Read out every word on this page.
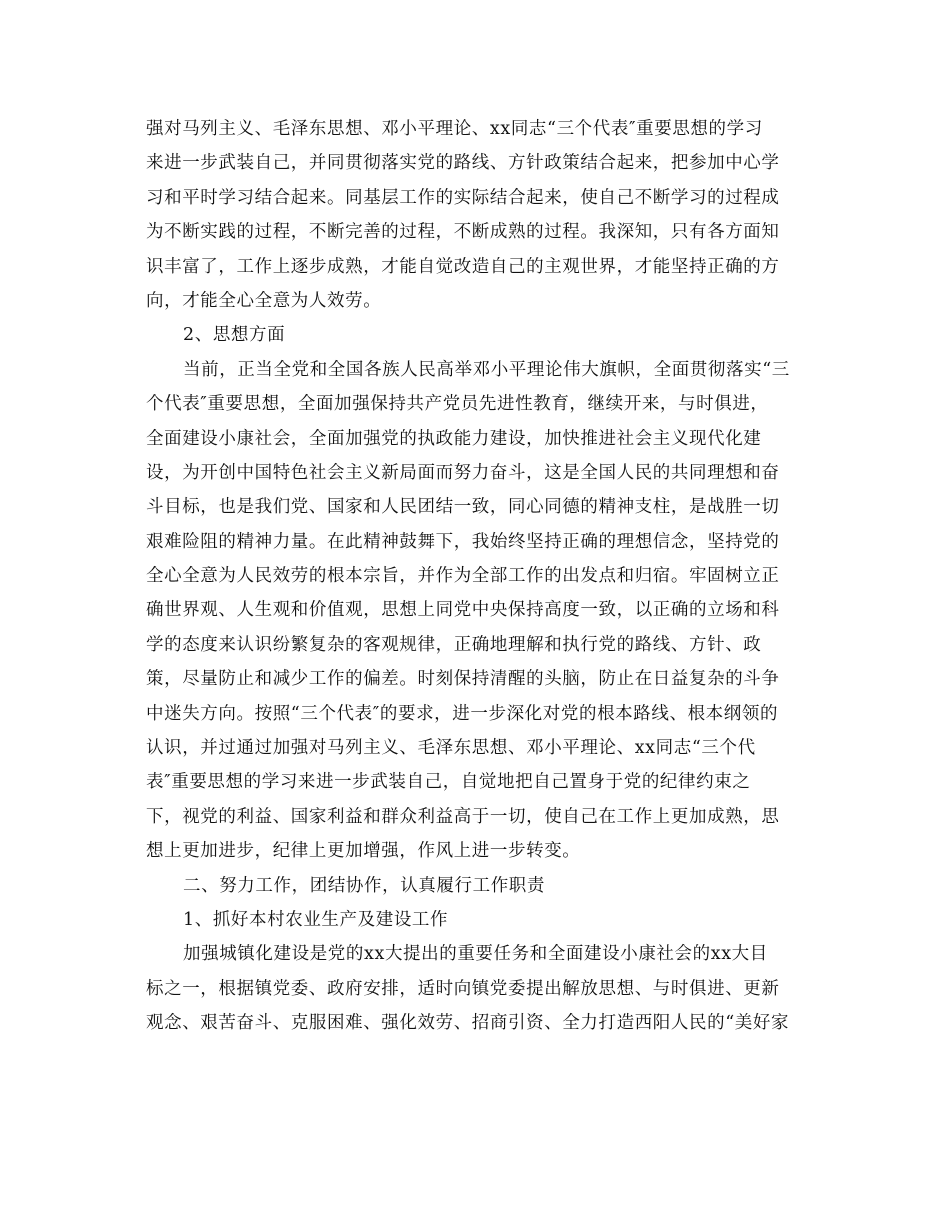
强对马列主义、毛泽东思想、邓小平理论、xx同志“三个代表″重要思想的学习
来进一步武装自己，并同贯彻落实党的路线、方针政策结合起来，把参加中心学
习和平时学习结合起来。同基层工作的实际结合起来，使自己不断学习的过程成
为不断实践的过程，不断完善的过程，不断成熟的过程。我深知，只有各方面知
识丰富了，工作上逐步成熟，才能自觉改造自己的主观世界，才能坚持正确的方
向，才能全心全意为人效劳。
2、思想方面
当前，正当全党和全国各族人民高举邓小平理论伟大旗帜，全面贯彻落实“三
个代表″重要思想，全面加强保持共产党员先进性教育，继续开来，与时俱进，
全面建设小康社会，全面加强党的执政能力建设，加快推进社会主义现代化建
设，为开创中国特色社会主义新局面而努力奋斗，这是全国人民的共同理想和奋
斗目标，也是我们党、国家和人民团结一致，同心同德的精神支柱，是战胜一切
艰难险阻的精神力量。在此精神鼓舞下，我始终坚持正确的理想信念，坚持党的
全心全意为人民效劳的根本宗旨，并作为全部工作的出发点和归宿。牢固树立正
确世界观、人生观和价值观，思想上同党中央保持高度一致，以正确的立场和科
学的态度来认识纷繁复杂的客观规律，正确地理解和执行党的路线、方针、政
策，尽量防止和减少工作的偏差。时刻保持清醒的头脑，防止在日益复杂的斗争
中迷失方向。按照“三个代表″的要求，进一步深化对党的根本路线、根本纲领的
认识，并过通过加强对马列主义、毛泽东思想、邓小平理论、xx同志“三个代
表″重要思想的学习来进一步武装自己，自觉地把自己置身于党的纪律约束之
下，视党的利益、国家利益和群众利益高于一切，使自己在工作上更加成熟，思
想上更加进步，纪律上更加增强，作风上进一步转变。
二、努力工作，团结协作，认真履行工作职责
1、抓好本村农业生产及建设工作
加强城镇化建设是党的xx大提出的重要任务和全面建设小康社会的xx大目
标之一，根据镇党委、政府安排，适时向镇党委提出解放思想、与时俱进、更新
观念、艰苦奋斗、克服困难、强化效劳、招商引资、全力打造西阳人民的“美好家
